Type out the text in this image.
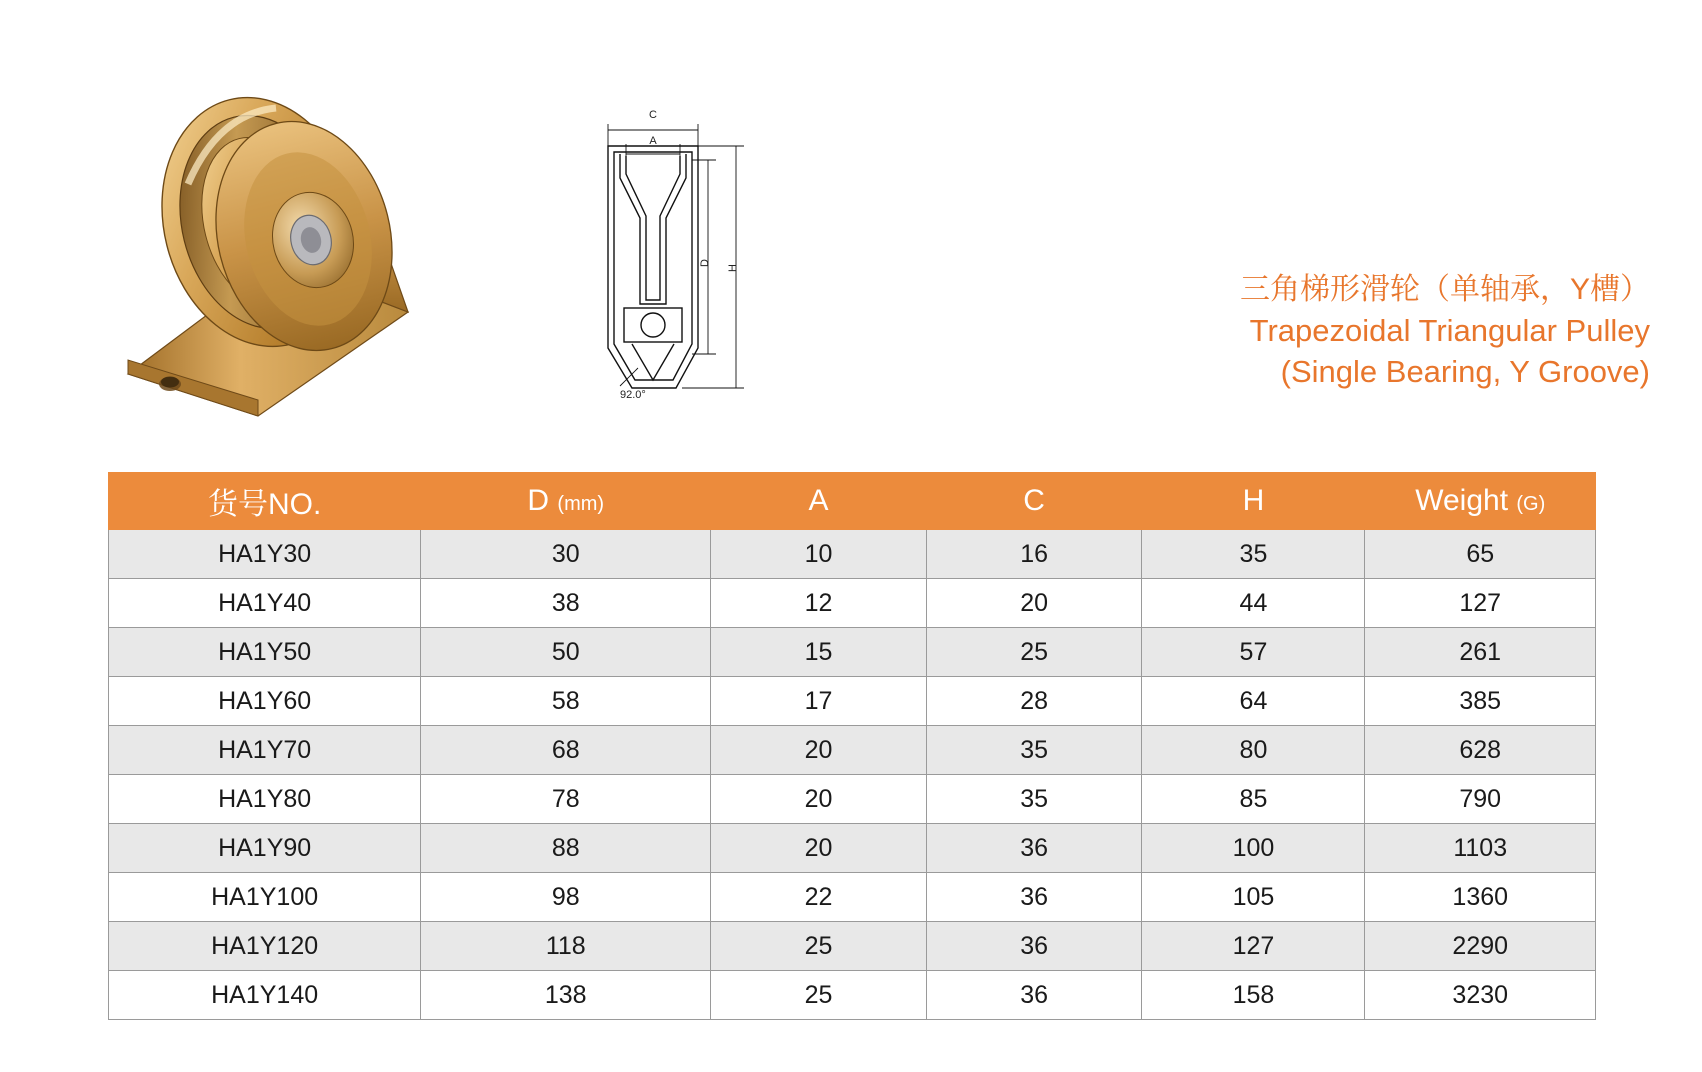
C
A
D
H
92.0°
三角梯形滑轮（单轴承，Y槽）
Trapezoidal Triangular Pulley
(Single Bearing, Y Groove)
货号NO.	D (mm)	A	C	H	Weight (G)
HA1Y30	30	10	16	35	65
HA1Y40	38	12	20	44	127
HA1Y50	50	15	25	57	261
HA1Y60	58	17	28	64	385
HA1Y70	68	20	35	80	628
HA1Y80	78	20	35	85	790
HA1Y90	88	20	36	100	1103
HA1Y100	98	22	36	105	1360
HA1Y120	118	25	36	127	2290
HA1Y140	138	25	36	158	3230
